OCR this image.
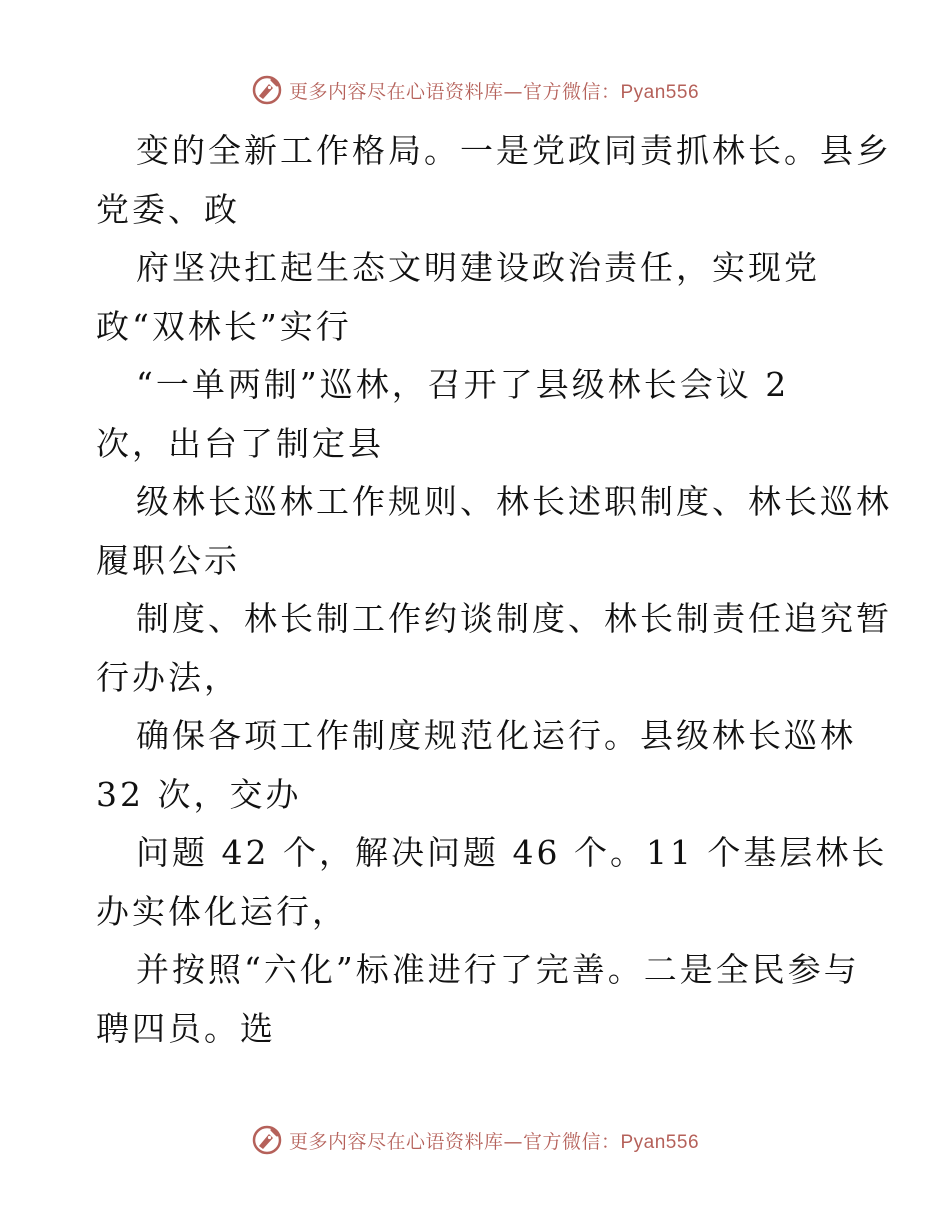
更多内容尽在心语资料库—官方微信：Pyan556
变的全新工作格局。一是党政同责抓林长。县乡
党委、政
府坚决扛起生态文明建设政治责任，实现党
政“双林长”实行
“一单两制”巡林，召开了县级林长会议 2
次，出台了制定县
级林长巡林工作规则、林长述职制度、林长巡林
履职公示
制度、林长制工作约谈制度、林长制责任追究暂
行办法，
确保各项工作制度规范化运行。县级林长巡林
32 次，交办
问题 42 个，解决问题 46 个。11 个基层林长
办实体化运行，
并按照“六化”标准进行了完善。二是全民参与
聘四员。选
更多内容尽在心语资料库—官方微信：Pyan556
